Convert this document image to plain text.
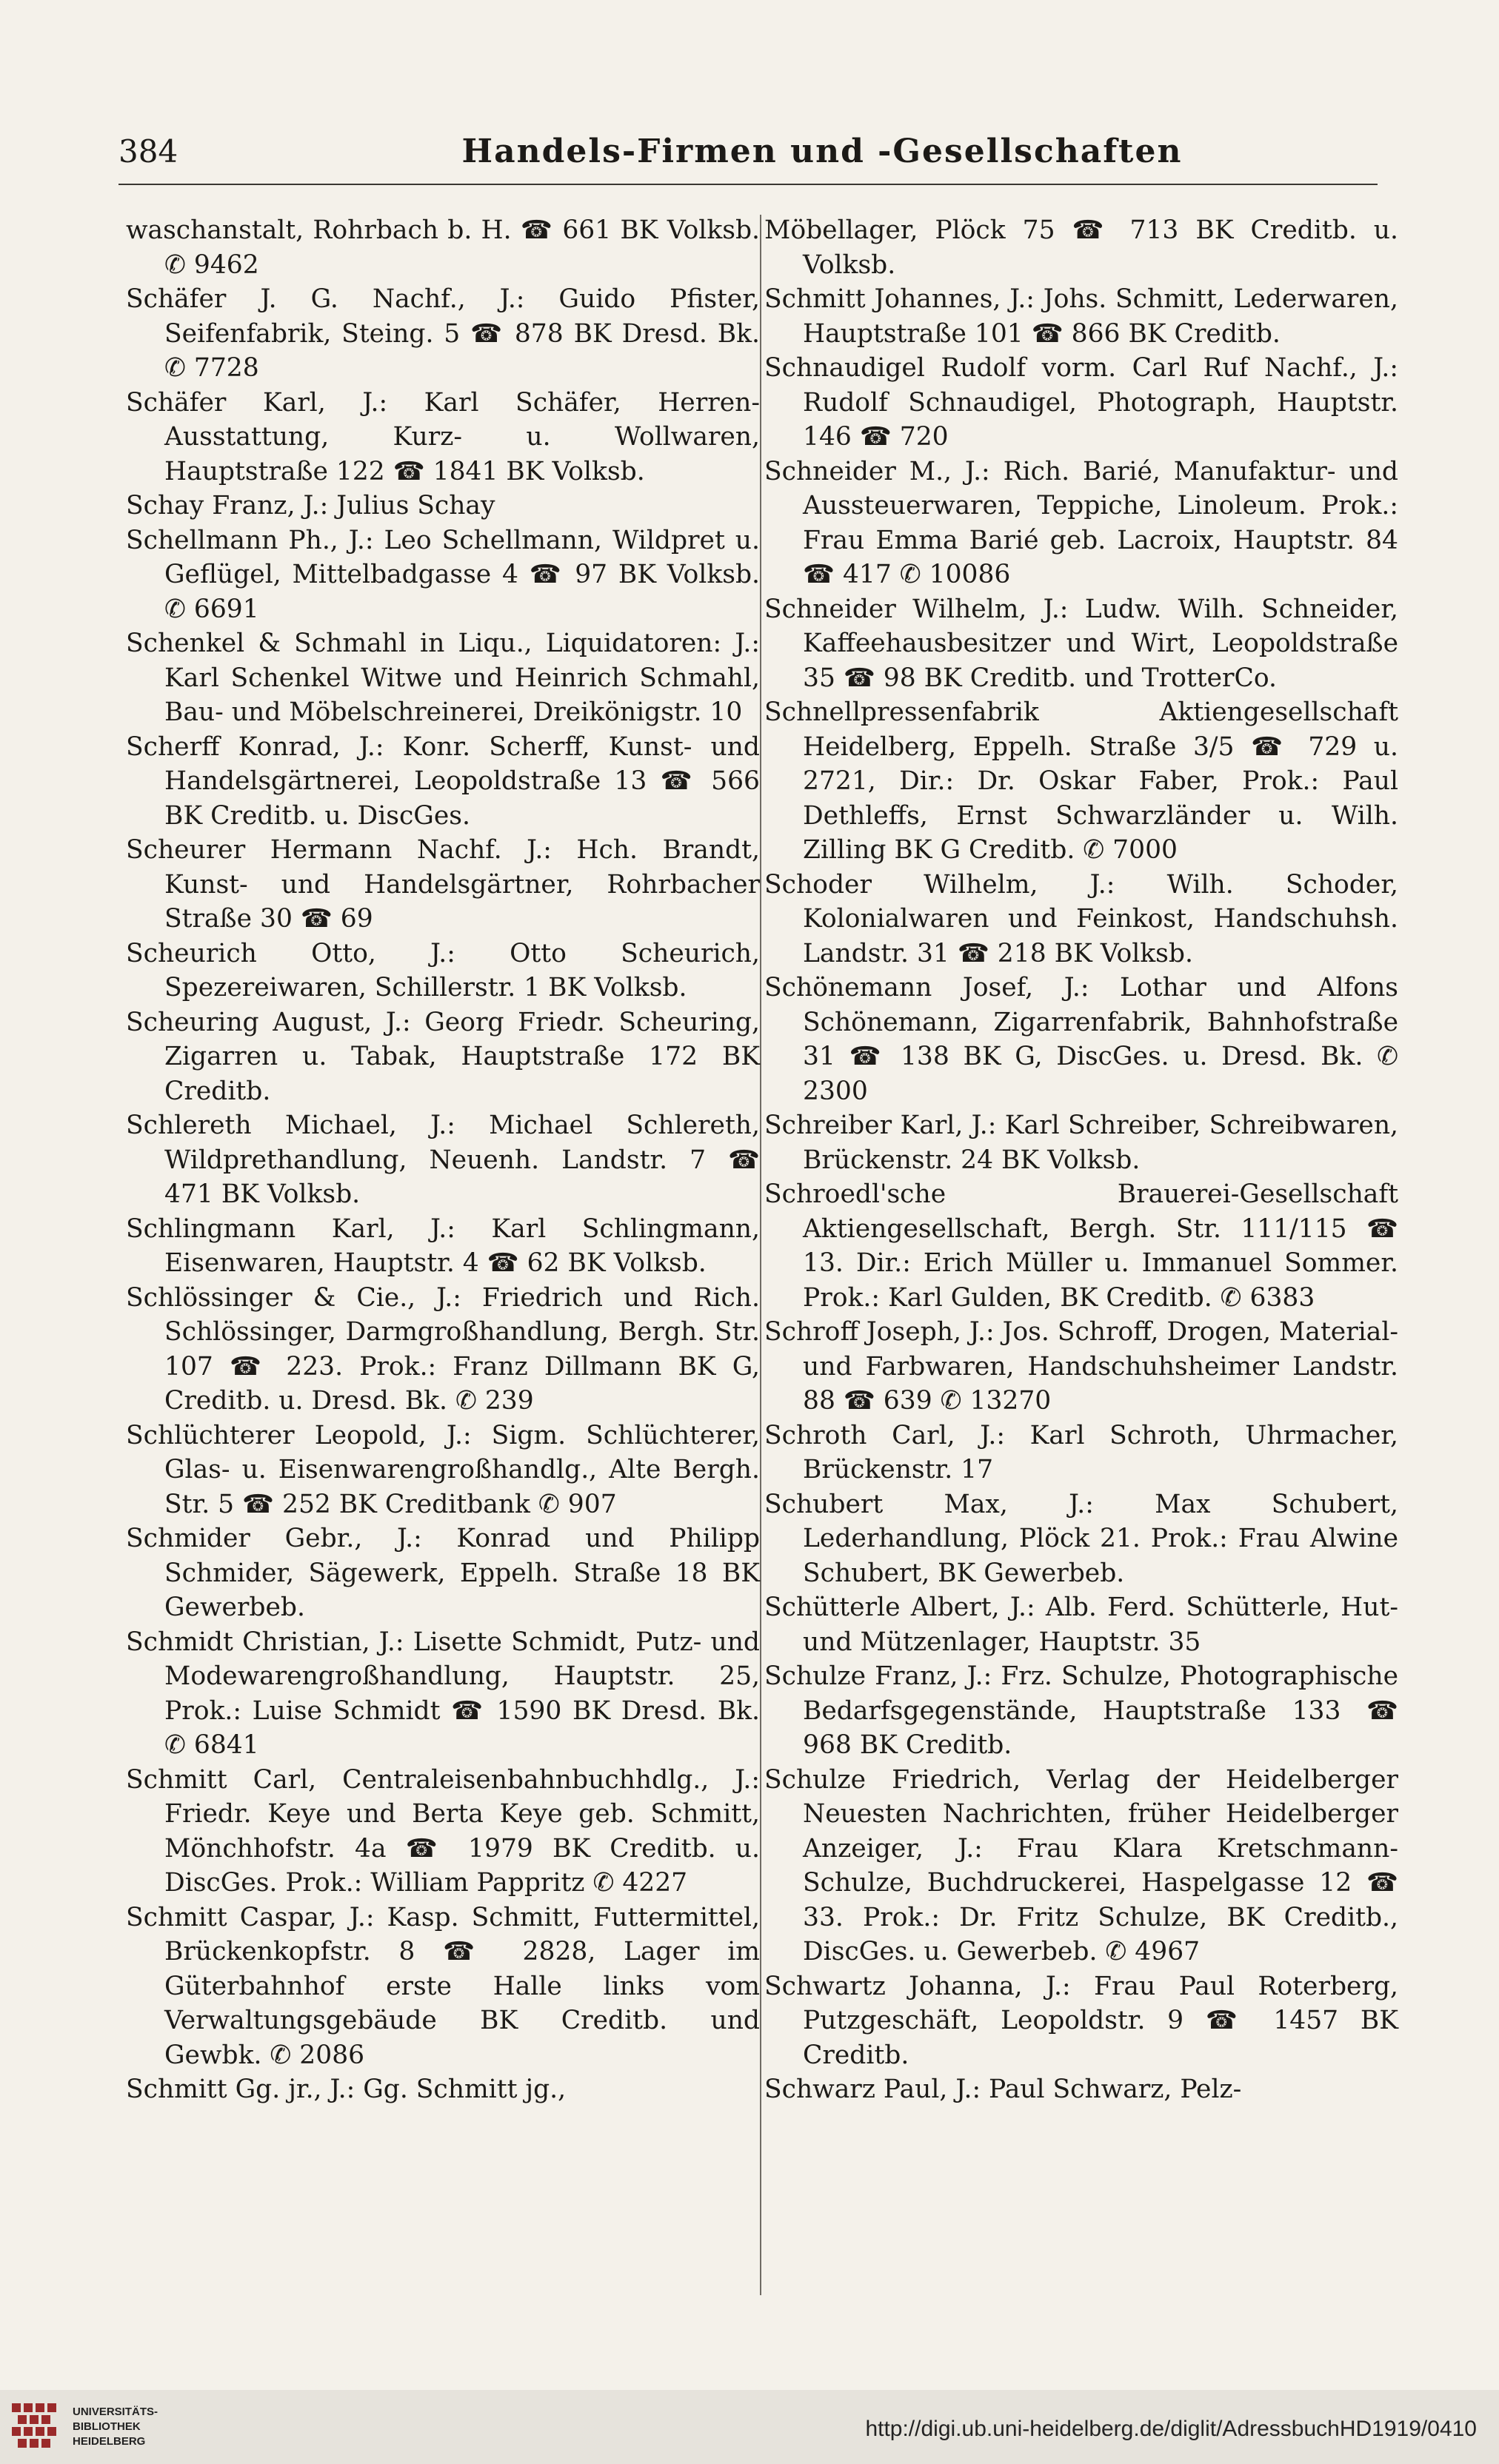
384	Handels-Firmen und -Gesellschaften

waschanstalt, Rohrbach b. H. ☎ 661 BK Volksb. ✆ 9462

Schäfer J. G. Nachf., J.: Guido Pfister, Seifenfabrik, Steing. 5 ☎ 878 BK Dresd. Bk. ✆ 7728

Schäfer Karl, J.: Karl Schäfer, Herren-Ausstattung, Kurz- u. Wollwaren, Hauptstraße 122 ☎ 1841 BK Volksb.

Schay Franz, J.: Julius Schay

Schellmann Ph., J.: Leo Schellmann, Wildpret u. Geflügel, Mittelbadgasse 4 ☎ 97 BK Volksb. ✆ 6691

Schenkel & Schmahl in Liqu., Liquidatoren: J.: Karl Schenkel Witwe und Heinrich Schmahl, Bau- und Möbelschreinerei, Dreikönigstr. 10

Scherff Konrad, J.: Konr. Scherff, Kunst- und Handelsgärtnerei, Leopoldstraße 13 ☎ 566 BK Creditb. u. DiscGes.

Scheurer Hermann Nachf. J.: Hch. Brandt, Kunst- und Handelsgärtner, Rohrbacher Straße 30 ☎ 69

Scheurich Otto, J.: Otto Scheurich, Spezereiwaren, Schillerstr. 1 BK Volksb.

Scheuring August, J.: Georg Friedr. Scheuring, Zigarren u. Tabak, Hauptstraße 172 BK Creditb.

Schlereth Michael, J.: Michael Schlereth, Wildprethandlung, Neuenh. Landstr. 7 ☎ 471 BK Volksb.

Schlingmann Karl, J.: Karl Schlingmann, Eisenwaren, Hauptstr. 4 ☎ 62 BK Volksb.

Schlössinger & Cie., J.: Friedrich und Rich. Schlössinger, Darmgroßhandlung, Bergh. Str. 107 ☎ 223. Prok.: Franz Dillmann BK G, Creditb. u. Dresd. Bk. ✆ 239

Schlüchterer Leopold, J.: Sigm. Schlüchterer, Glas- u. Eisenwarengroßhandlg., Alte Bergh. Str. 5 ☎ 252 BK Creditbank ✆ 907

Schmider Gebr., J.: Konrad und Philipp Schmider, Sägewerk, Eppelh. Straße 18 BK Gewerbeb.

Schmidt Christian, J.: Lisette Schmidt, Putz- und Modewarengroßhandlung, Hauptstr. 25, Prok.: Luise Schmidt ☎ 1590 BK Dresd. Bk. ✆ 6841

Schmitt Carl, Centraleisenbahnbuchhdlg., J.: Friedr. Keye und Berta Keye geb. Schmitt, Mönchhofstr. 4a ☎ 1979 BK Creditb. u. DiscGes. Prok.: William Pappritz ✆ 4227

Schmitt Caspar, J.: Kasp. Schmitt, Futtermittel, Brückenkopfstr. 8 ☎ 2828, Lager im Güterbahnhof erste Halle links vom Verwaltungsgebäude BK Creditb. und Gewbk. ✆ 2086

Schmitt Gg. jr., J.: Gg. Schmitt jg.,

Möbellager, Plöck 75 ☎ 713 BK Creditb. u. Volksb.

Schmitt Johannes, J.: Johs. Schmitt, Lederwaren, Hauptstraße 101 ☎ 866 BK Creditb.

Schnaudigel Rudolf vorm. Carl Ruf Nachf., J.: Rudolf Schnaudigel, Photograph, Hauptstr. 146 ☎ 720

Schneider M., J.: Rich. Barié, Manufaktur- und Aussteuerwaren, Teppiche, Linoleum. Prok.: Frau Emma Barié geb. Lacroix, Hauptstr. 84 ☎ 417 ✆ 10086

Schneider Wilhelm, J.: Ludw. Wilh. Schneider, Kaffeehausbesitzer und Wirt, Leopoldstraße 35 ☎ 98 BK Creditb. und TrotterCo.

Schnellpressenfabrik Aktiengesellschaft Heidelberg, Eppelh. Straße 3/5 ☎ 729 u. 2721, Dir.: Dr. Oskar Faber, Prok.: Paul Dethleffs, Ernst Schwarzländer u. Wilh. Zilling BK G Creditb. ✆ 7000

Schoder Wilhelm, J.: Wilh. Schoder, Kolonialwaren und Feinkost, Handschuhsh. Landstr. 31 ☎ 218 BK Volksb.

Schönemann Josef, J.: Lothar und Alfons Schönemann, Zigarrenfabrik, Bahnhofstraße 31 ☎ 138 BK G, DiscGes. u. Dresd. Bk. ✆ 2300

Schreiber Karl, J.: Karl Schreiber, Schreibwaren, Brückenstr. 24 BK Volksb.

Schroedl'sche Brauerei-Gesellschaft Aktiengesellschaft, Bergh. Str. 111/115 ☎ 13. Dir.: Erich Müller u. Immanuel Sommer. Prok.: Karl Gulden, BK Creditb. ✆ 6383

Schroff Joseph, J.: Jos. Schroff, Drogen, Material- und Farbwaren, Handschuhsheimer Landstr. 88 ☎ 639 ✆ 13270

Schroth Carl, J.: Karl Schroth, Uhrmacher, Brückenstr. 17

Schubert Max, J.: Max Schubert, Lederhandlung, Plöck 21. Prok.: Frau Alwine Schubert, BK Gewerbeb.

Schütterle Albert, J.: Alb. Ferd. Schütterle, Hut- und Mützenlager, Hauptstr. 35

Schulze Franz, J.: Frz. Schulze, Photographische Bedarfsgegenstände, Hauptstraße 133 ☎ 968 BK Creditb.

Schulze Friedrich, Verlag der Heidelberger Neuesten Nachrichten, früher Heidelberger Anzeiger, J.: Frau Klara Kretschmann-Schulze, Buchdruckerei, Haspelgasse 12 ☎ 33. Prok.: Dr. Fritz Schulze, BK Creditb., DiscGes. u. Gewerbeb. ✆ 4967

Schwartz Johanna, J.: Frau Paul Roterberg, Putzgeschäft, Leopoldstr. 9 ☎ 1457 BK Creditb.

Schwarz Paul, J.: Paul Schwarz, Pelz-

UNIVERSITÄTS-
BIBLIOTHEK
HEIDELBERG
http://digi.ub.uni-heidelberg.de/diglit/AdressbuchHD1919/0410
